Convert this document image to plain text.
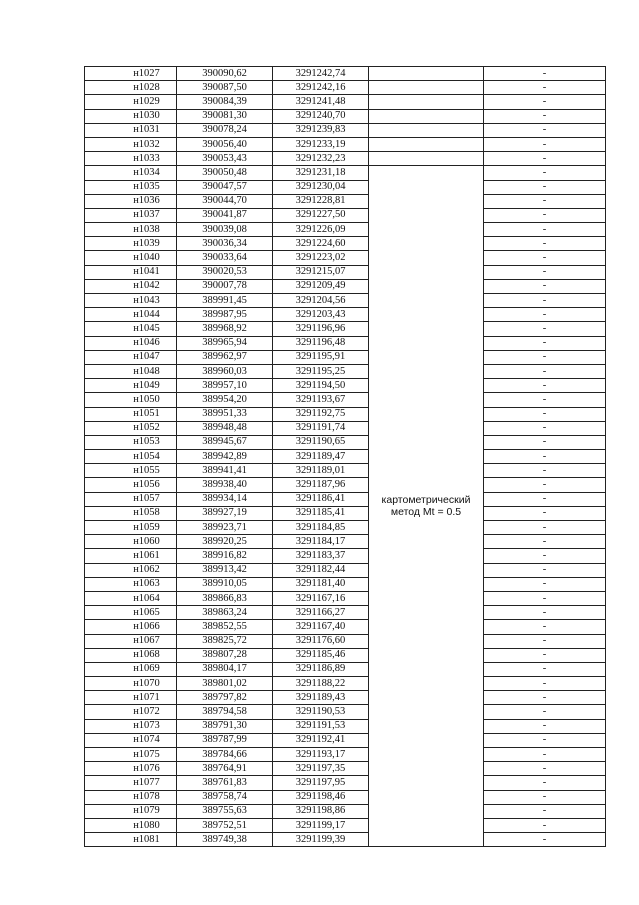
н1027	390090,62	3291242,74		-
н1028	390087,50	3291242,16		-
н1029	390084,39	3291241,48		-
н1030	390081,30	3291240,70		-
н1031	390078,24	3291239,83		-
н1032	390056,40	3291233,19		-
н1033	390053,43	3291232,23		-
н1034	390050,48	3291231,18	картометрический
метод Mt = 0.5	-
н1035	390047,57	3291230,04		-
н1036	390044,70	3291228,81		-
н1037	390041,87	3291227,50		-
н1038	390039,08	3291226,09		-
н1039	390036,34	3291224,60		-
н1040	390033,64	3291223,02		-
н1041	390020,53	3291215,07		-
н1042	390007,78	3291209,49		-
н1043	389991,45	3291204,56		-
н1044	389987,95	3291203,43		-
н1045	389968,92	3291196,96		-
н1046	389965,94	3291196,48		-
н1047	389962,97	3291195,91		-
н1048	389960,03	3291195,25		-
н1049	389957,10	3291194,50		-
н1050	389954,20	3291193,67		-
н1051	389951,33	3291192,75		-
н1052	389948,48	3291191,74		-
н1053	389945,67	3291190,65		-
н1054	389942,89	3291189,47		-
н1055	389941,41	3291189,01		-
н1056	389938,40	3291187,96		-
н1057	389934,14	3291186,41		-
н1058	389927,19	3291185,41		-
н1059	389923,71	3291184,85		-
н1060	389920,25	3291184,17		-
н1061	389916,82	3291183,37		-
н1062	389913,42	3291182,44		-
н1063	389910,05	3291181,40		-
н1064	389866,83	3291167,16		-
н1065	389863,24	3291166,27		-
н1066	389852,55	3291167,40		-
н1067	389825,72	3291176,60		-
н1068	389807,28	3291185,46		-
н1069	389804,17	3291186,89		-
н1070	389801,02	3291188,22		-
н1071	389797,82	3291189,43		-
н1072	389794,58	3291190,53		-
н1073	389791,30	3291191,53		-
н1074	389787,99	3291192,41		-
н1075	389784,66	3291193,17		-
н1076	389764,91	3291197,35		-
н1077	389761,83	3291197,95		-
н1078	389758,74	3291198,46		-
н1079	389755,63	3291198,86		-
н1080	389752,51	3291199,17		-
н1081	389749,38	3291199,39		-
